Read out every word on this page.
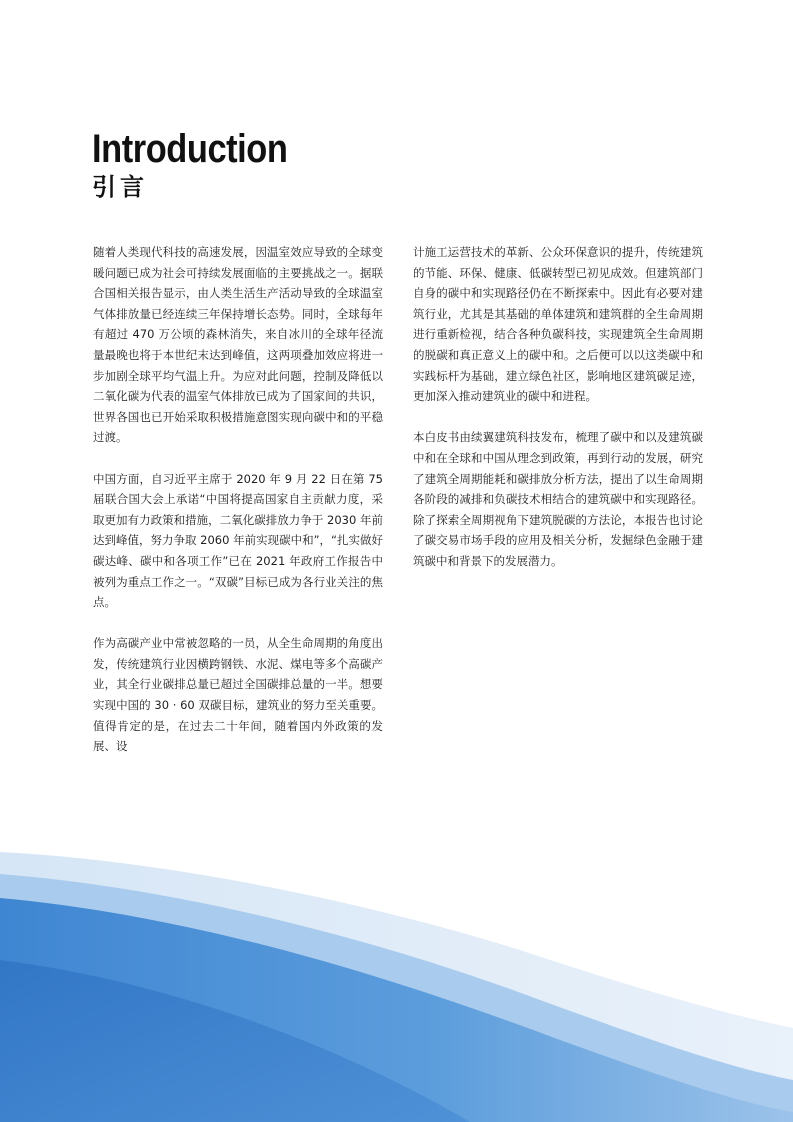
Introduction
引言

随着人类现代科技的高速发展，因温室效应导致的全球变暖问题已成为社会可持续发展面临的主要挑战之一。据联合国相关报告显示，由人类生活生产活动导致的全球温室气体排放量已经连续三年保持增长态势。同时，全球每年有超过 470 万公顷的森林消失，来自冰川的全球年径流量最晚也将于本世纪末达到峰值，这两项叠加效应将进一步加剧全球平均气温上升。为应对此问题，控制及降低以二氧化碳为代表的温室气体排放已成为了国家间的共识，世界各国也已开始采取积极措施意图实现向碳中和的平稳过渡。

中国方面，自习近平主席于 2020 年 9 月 22 日在第 75 届联合国大会上承诺“中国将提高国家自主贡献力度，采取更加有力政策和措施，二氧化碳排放力争于 2030 年前达到峰值，努力争取 2060 年前实现碳中和”，“扎实做好碳达峰、碳中和各项工作”已在 2021 年政府工作报告中被列为重点工作之一。“双碳”目标已成为各行业关注的焦点。

作为高碳产业中常被忽略的一员，从全生命周期的角度出发，传统建筑行业因横跨钢铁、水泥、煤电等多个高碳产业，其全行业碳排总量已超过全国碳排总量的一半。想要实现中国的 30 · 60 双碳目标，建筑业的努力至关重要。值得肯定的是，在过去二十年间，随着国内外政策的发展、设

计施工运营技术的革新、公众环保意识的提升，传统建筑的节能、环保、健康、低碳转型已初见成效。但建筑部门自身的碳中和实现路径仍在不断探索中。因此有必要对建筑行业，尤其是其基础的单体建筑和建筑群的全生命周期进行重新检视，结合各种负碳科技，实现建筑全生命周期的脱碳和真正意义上的碳中和。之后便可以以这类碳中和实践标杆为基础，建立绿色社区，影响地区建筑碳足迹，更加深入推动建筑业的碳中和进程。

本白皮书由续翼建筑科技发布，梳理了碳中和以及建筑碳中和在全球和中国从理念到政策，再到行动的发展，研究了建筑全周期能耗和碳排放分析方法，提出了以生命周期各阶段的减排和负碳技术相结合的建筑碳中和实现路径。除了探索全周期视角下建筑脱碳的方法论，本报告也讨论了碳交易市场手段的应用及相关分析，发掘绿色金融于建筑碳中和背景下的发展潜力。
